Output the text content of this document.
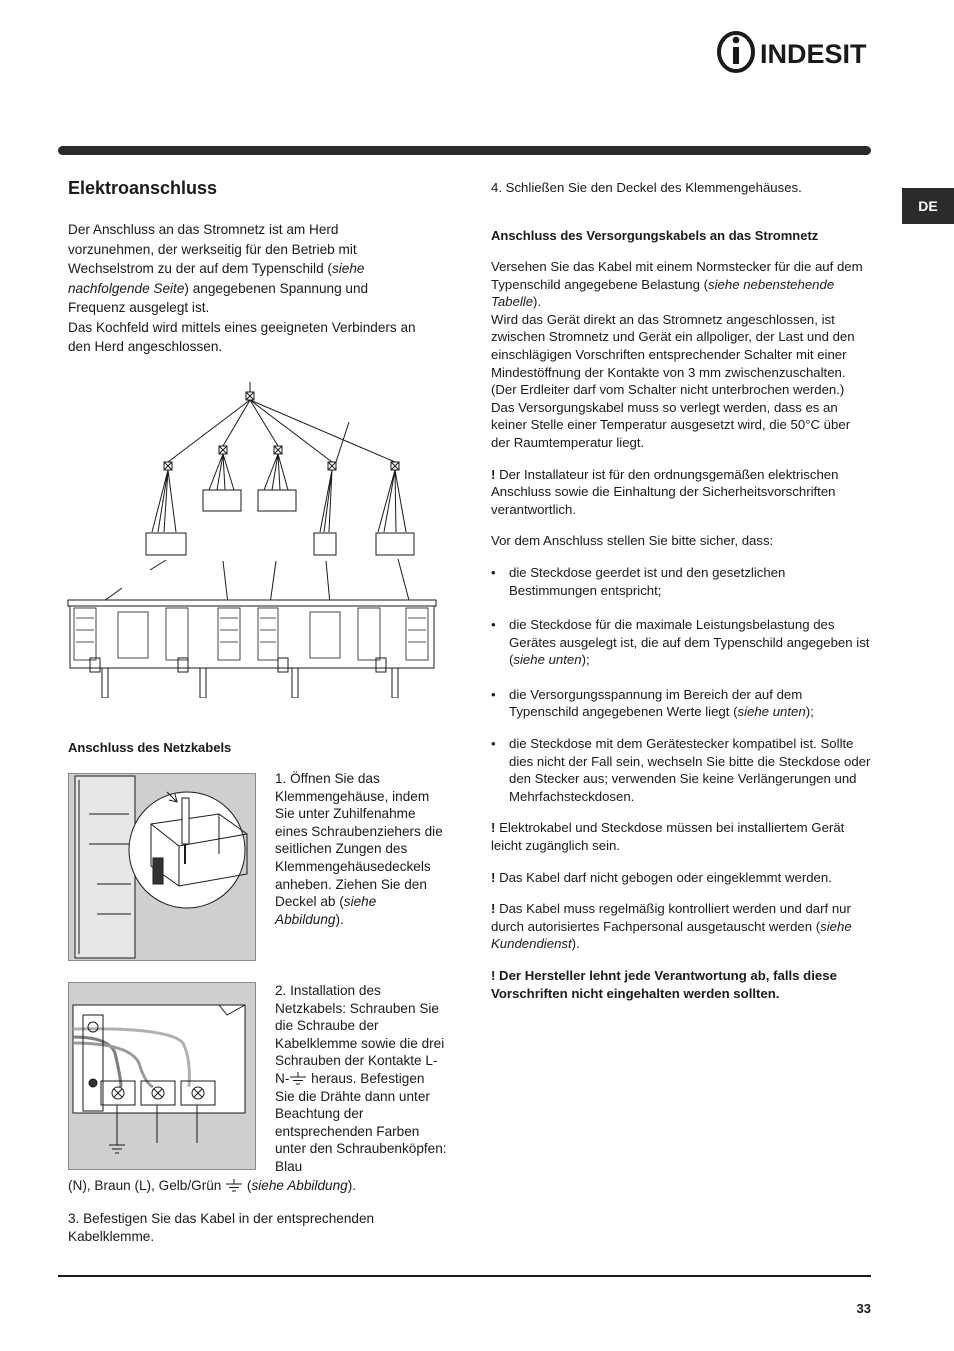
INDESIT
DE
Elektroanschluss

Der Anschluss an das Stromnetz ist am Herd vorzunehmen, der werkseitig für den Betrieb mit Wechselstrom zu der auf dem Typenschild (siehe nachfolgende Seite) angegebenen Spannung und Frequenz ausgelegt ist.

Das Kochfeld wird mittels eines geeigneten Verbinders an den Herd angeschlossen.

Anschluss des Netzkabels
1. Öffnen Sie das Klemmengehäuse, indem Sie unter Zuhilfenahme eines Schraubenziehers die seitlichen Zungen des Klemmengehäusedeckels anheben. Ziehen Sie den Deckel ab (siehe Abbildung).
2. Installation des Netzkabels: Schrauben Sie die Schraube der Kabelklemme sowie die drei Schrauben der Kontakte L-N- heraus. Befestigen Sie die Drähte dann unter Beachtung der entsprechenden Farben unter den Schraubenköpfen: Blau
(N), Braun (L), Gelb/Grün  (siehe Abbildung).
3. Befestigen Sie das Kabel in der entsprechenden Kabelklemme.
4. Schließen Sie den Deckel des Klemmengehäuses.
Anschluss des Versorgungskabels an das Stromnetz

Versehen Sie das Kabel mit einem Normstecker für die auf dem Typenschild angegebene Belastung (siehe nebenstehende Tabelle).

Wird das Gerät direkt an das Stromnetz angeschlossen, ist zwischen Stromnetz und Gerät ein allpoliger, der Last und den einschlägigen Vorschriften entsprechender Schalter mit einer Mindestöffnung der Kontakte von 3 mm zwischenzuschalten. (Der Erdleiter darf vom Schalter nicht unterbrochen werden.) Das Versorgungskabel muss so verlegt werden, dass es an keiner Stelle einer Temperatur ausgesetzt wird, die 50°C über der Raumtemperatur liegt.

! Der Installateur ist für den ordnungsgemäßen elektrischen Anschluss sowie die Einhaltung der Sicherheitsvorschriften verantwortlich.

Vor dem Anschluss stellen Sie bitte sicher, dass:

• die Steckdose geerdet ist und den gesetzlichen Bestimmungen entspricht;
• die Steckdose für die maximale Leistungsbelastung des Gerätes ausgelegt ist, die auf dem Typenschild angegeben ist (siehe unten);
• die Versorgungsspannung im Bereich der auf dem Typenschild angegebenen Werte liegt (siehe unten);
• die Steckdose mit dem Gerätestecker kompatibel ist. Sollte dies nicht der Fall sein, wechseln Sie bitte die Steckdose oder den Stecker aus; verwenden Sie keine Verlängerungen und Mehrfachsteckdosen.

! Elektrokabel und Steckdose müssen bei installiertem Gerät leicht zugänglich sein.

! Das Kabel darf nicht gebogen oder eingeklemmt werden.

! Das Kabel muss regelmäßig kontrolliert werden und darf nur durch autorisiertes Fachpersonal ausgetauscht werden (siehe Kundendienst).

! Der Hersteller lehnt jede Verantwortung ab, falls diese Vorschriften nicht eingehalten werden sollten.

33
